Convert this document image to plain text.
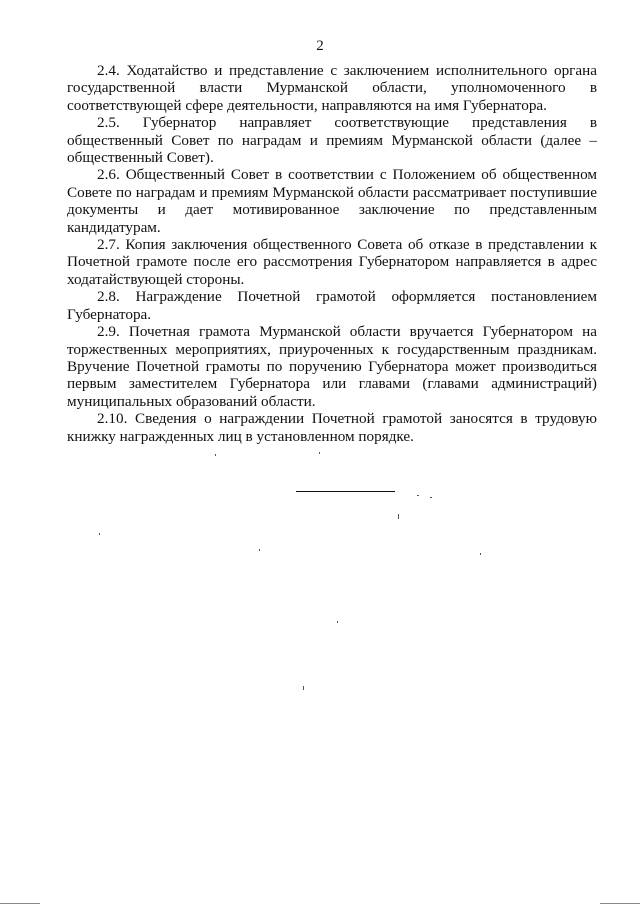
2

2.4. Ходатайство и представление с заключением исполнительного органа государственной власти Мурманской области, уполномоченного в соответствующей сфере деятельности, направляются на имя Губернатора.

2.5. Губернатор направляет соответствующие представления в общественный Совет по наградам и премиям Мурманской области (далее – общественный Совет).

2.6. Общественный Совет в соответствии с Положением об общественном Совете по наградам и премиям Мурманской области рассматривает поступившие документы и дает мотивированное заключение по представленным кандидатурам.

2.7. Копия заключения общественного Совета об отказе в представлении к Почетной грамоте после его рассмотрения Губернатором направляется в адрес ходатайствующей стороны.

2.8. Награждение Почетной грамотой оформляется постановлением Губернатора.

2.9. Почетная грамота Мурманской области вручается Губернатором на торжественных мероприятиях, приуроченных к государственным праздникам. Вручение Почетной грамоты по поручению Губернатора может производиться первым заместителем Губернатора или главами (главами администраций) муниципальных образований области.

2.10. Сведения о награждении Почетной грамотой заносятся в трудовую книжку награжденных лиц в установленном порядке.
